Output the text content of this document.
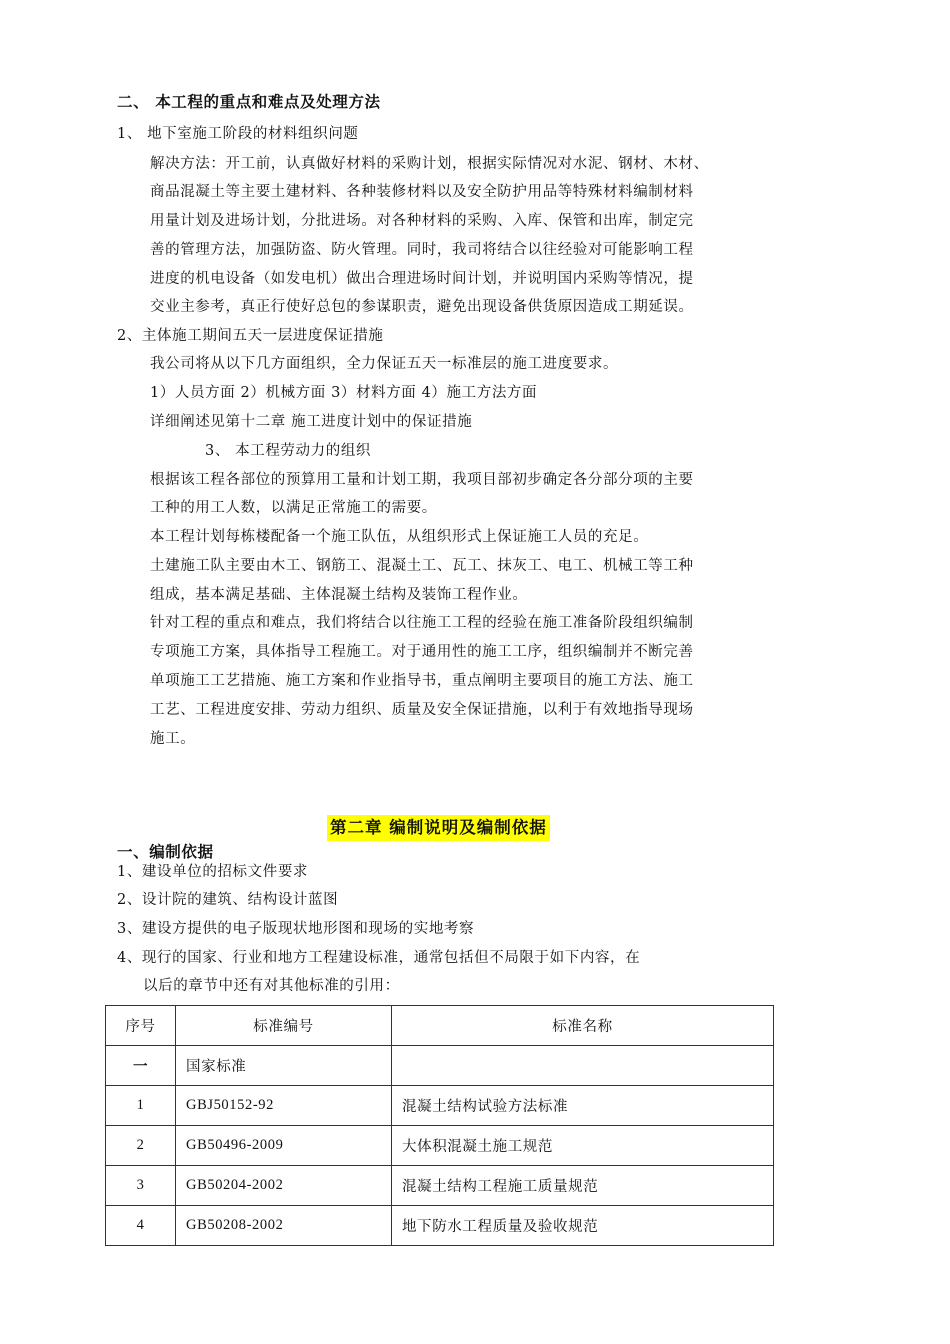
二、 本工程的重点和难点及处理方法
1、 地下室施工阶段的材料组织问题
解决方法：开工前，认真做好材料的采购计划，根据实际情况对水泥、钢材、木材、
商品混凝土等主要土建材料、各种装修材料以及安全防护用品等特殊材料编制材料
用量计划及进场计划，分批进场。对各种材料的采购、入库、保管和出库，制定完
善的管理方法，加强防盗、防火管理。同时，我司将结合以往经验对可能影响工程
进度的机电设备（如发电机）做出合理进场时间计划，并说明国内采购等情况，提
交业主参考，真正行使好总包的参谋职责，避免出现设备供货原因造成工期延误。
2、主体施工期间五天一层进度保证措施
我公司将从以下几方面组织，全力保证五天一标准层的施工进度要求。
1）人员方面 2）机械方面 3）材料方面 4）施工方法方面
详细阐述见第十二章 施工进度计划中的保证措施
3、 本工程劳动力的组织
根据该工程各部位的预算用工量和计划工期，我项目部初步确定各分部分项的主要
工种的用工人数，以满足正常施工的需要。
本工程计划每栋楼配备一个施工队伍，从组织形式上保证施工人员的充足。
土建施工队主要由木工、钢筋工、混凝土工、瓦工、抹灰工、电工、机械工等工种
组成，基本满足基础、主体混凝土结构及装饰工程作业。
针对工程的重点和难点，我们将结合以往施工工程的经验在施工准备阶段组织编制
专项施工方案，具体指导工程施工。对于通用性的施工工序，组织编制并不断完善
单项施工工艺措施、施工方案和作业指导书，重点阐明主要项目的施工方法、施工
工艺、工程进度安排、劳动力组织、质量及安全保证措施，以利于有效地指导现场
施工。
第二章 编制说明及编制依据
一、编制依据
1、建设单位的招标文件要求
2、设计院的建筑、结构设计蓝图
3、建设方提供的电子版现状地形图和现场的实地考察
4、现行的国家、行业和地方工程建设标准，通常包括但不局限于如下内容，在
以后的章节中还有对其他标准的引用：
序号	标准编号	标准名称
一	国家标准	
1	GBJ50152-92	混凝土结构试验方法标准
2	GB50496-2009	大体积混凝土施工规范
3	GB50204-2002	混凝土结构工程施工质量规范
4	GB50208-2002	地下防水工程质量及验收规范
